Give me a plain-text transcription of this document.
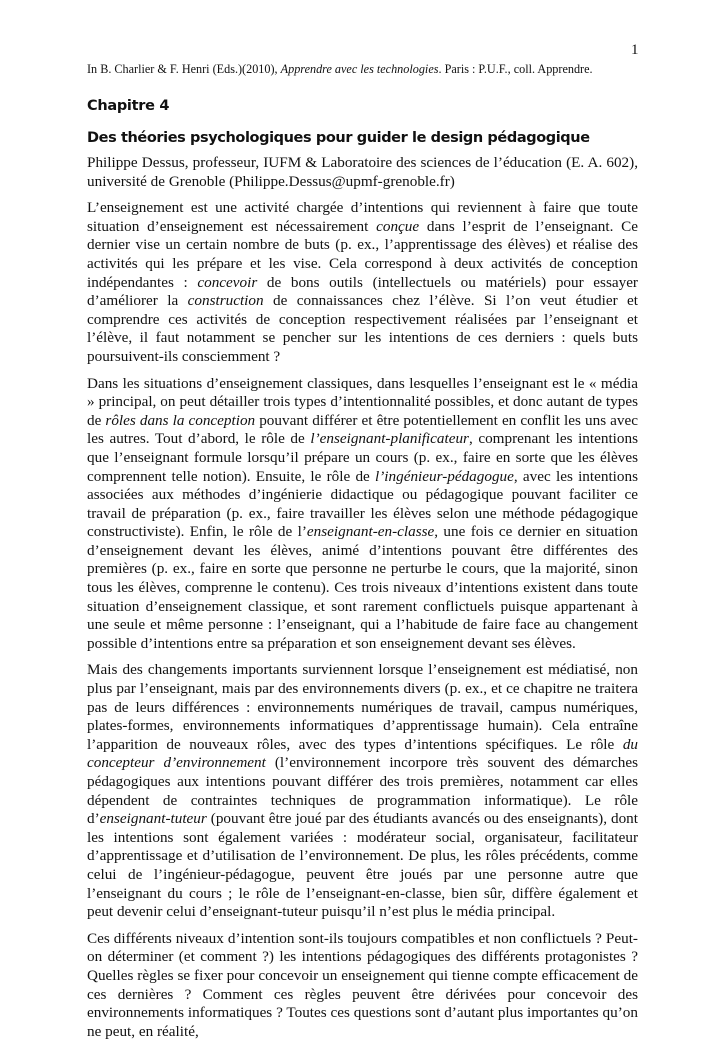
1
In B. Charlier & F. Henri (Eds.)(2010), Apprendre avec les technologies. Paris : P.U.F., coll. Apprendre.
Chapitre 4
Des théories psychologiques pour guider le design pédagogique
Philippe Dessus, professeur, IUFM & Laboratoire des sciences de l’éducation (E. A. 602), université de Grenoble (Philippe.Dessus@upmf-grenoble.fr)

L’enseignement est une activité chargée d’intentions qui reviennent à faire que toute situation d’enseignement est nécessairement conçue dans l’esprit de l’enseignant. Ce dernier vise un certain nombre de buts (p. ex., l’apprentissage des élèves) et réalise des activités qui les prépare et les vise. Cela correspond à deux activités de conception indépendantes : concevoir de bons outils (intellectuels ou matériels) pour essayer d’améliorer la construction de connaissances chez l’élève. Si l’on veut étudier et comprendre ces activités de conception respectivement réalisées par l’enseignant et l’élève, il faut notamment se pencher sur les intentions de ces derniers : quels buts poursuivent-ils consciemment ?

Dans les situations d’enseignement classiques, dans lesquelles l’enseignant est le « média » principal, on peut détailler trois types d’intentionnalité possibles, et donc autant de types de rôles dans la conception pouvant différer et être potentiellement en conflit les uns avec les autres. Tout d’abord, le rôle de l’enseignant-planificateur, comprenant les intentions que l’enseignant formule lorsqu’il prépare un cours (p. ex., faire en sorte que les élèves comprennent telle notion). Ensuite, le rôle de l’ingénieur-pédagogue, avec les intentions associées aux méthodes d’ingénierie didactique ou pédagogique pouvant faciliter ce travail de préparation (p. ex., faire travailler les élèves selon une méthode pédagogique constructiviste). Enfin, le rôle de l’enseignant-en-classe, une fois ce dernier en situation d’enseignement devant les élèves, animé d’intentions pouvant être différentes des premières (p. ex., faire en sorte que personne ne perturbe le cours, que la majorité, sinon tous les élèves, comprenne le contenu). Ces trois niveaux d’intentions existent dans toute situation d’enseignement classique, et sont rarement conflictuels puisque appartenant à une seule et même personne : l’enseignant, qui a l’habitude de faire face au changement possible d’intentions entre sa préparation et son enseignement devant ses élèves.

Mais des changements importants surviennent lorsque l’enseignement est médiatisé, non plus par l’enseignant, mais par des environnements divers (p. ex., et ce chapitre ne traitera pas de leurs différences : environnements numériques de travail, campus numériques, plates-formes, environnements informatiques d’apprentissage humain). Cela entraîne l’apparition de nouveaux rôles, avec des types d’intentions spécifiques. Le rôle du concepteur d’environnement (l’environnement incorpore très souvent des démarches pédagogiques aux intentions pouvant différer des trois premières, notamment car elles dépendent de contraintes techniques de programmation informatique). Le rôle d’enseignant-tuteur (pouvant être joué par des étudiants avancés ou des enseignants), dont les intentions sont également variées : modérateur social, organisateur, facilitateur d’apprentissage et d’utilisation de l’environnement. De plus, les rôles précédents, comme celui de l’ingénieur-pédagogue, peuvent être joués par une personne autre que l’enseignant du cours ; le rôle de l’enseignant-en-classe, bien sûr, diffère également et peut devenir celui d’enseignant-tuteur puisqu’il n’est plus le média principal.

Ces différents niveaux d’intention sont-ils toujours compatibles et non conflictuels ? Peut-on déterminer (et comment ?) les intentions pédagogiques des différents protagonistes ? Quelles règles se fixer pour concevoir un enseignement qui tienne compte efficacement de ces dernières ? Comment ces règles peuvent être dérivées pour concevoir des environnements informatiques ? Toutes ces questions sont d’autant plus importantes qu’on ne peut, en réalité,
